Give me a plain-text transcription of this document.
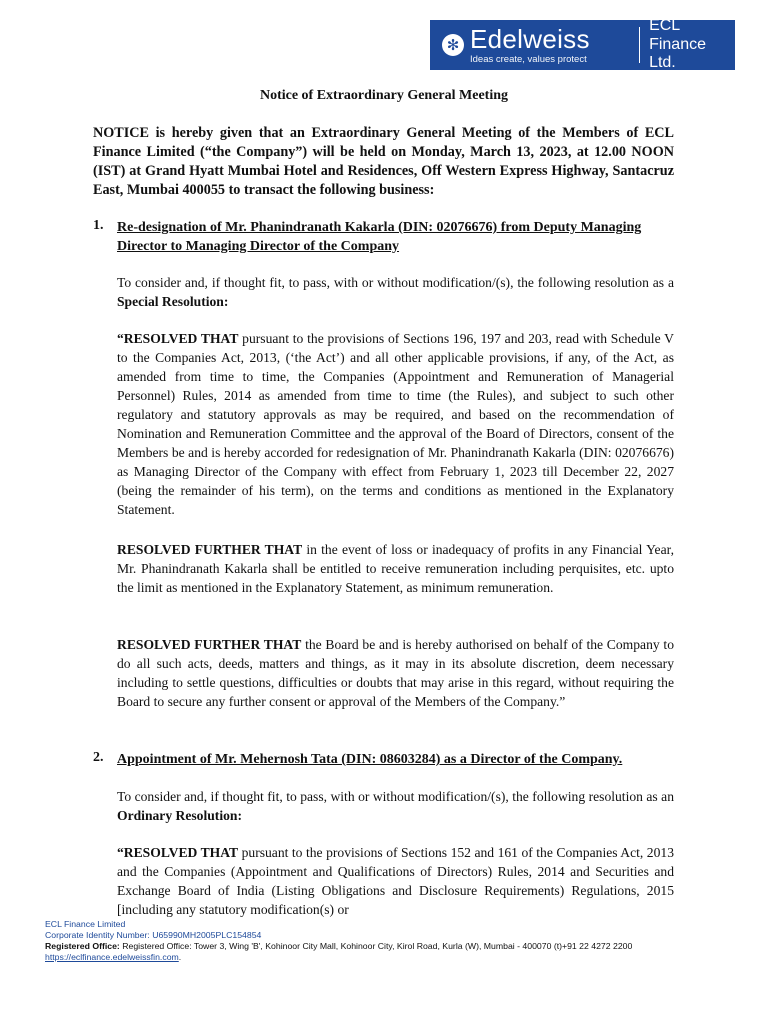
✻ Edelweiss
Ideas create, values protect
ECL
Finance Ltd.
Notice of Extraordinary General Meeting
NOTICE is hereby given that an Extraordinary General Meeting of the Members of ECL Finance Limited (“the Company”) will be held on Monday, March 13, 2023, at 12.00 NOON (IST) at Grand Hyatt Mumbai Hotel and Residences, Off Western Express Highway, Santacruz East, Mumbai 400055 to transact the following business:
1. Re-designation of Mr. Phanindranath Kakarla (DIN: 02076676) from Deputy Managing Director to Managing Director of the Company
To consider and, if thought fit, to pass, with or without modification/(s), the following resolution as a Special Resolution:
“RESOLVED THAT pursuant to the provisions of Sections 196, 197 and 203, read with Schedule V to the Companies Act, 2013, (‘the Act’) and all other applicable provisions, if any, of the Act, as amended from time to time, the Companies (Appointment and Remuneration of Managerial Personnel) Rules, 2014 as amended from time to time (the Rules), and subject to such other regulatory and statutory approvals as may be required, and based on the recommendation of Nomination and Remuneration Committee and the approval of the Board of Directors, consent of the Members be and is hereby accorded for redesignation of Mr. Phanindranath Kakarla (DIN: 02076676) as Managing Director of the Company with effect from February 1, 2023 till December 22, 2027 (being the remainder of his term), on the terms and conditions as mentioned in the Explanatory Statement.
RESOLVED FURTHER THAT in the event of loss or inadequacy of profits in any Financial Year, Mr. Phanindranath Kakarla shall be entitled to receive remuneration including perquisites, etc. upto the limit as mentioned in the Explanatory Statement, as minimum remuneration.
RESOLVED FURTHER THAT the Board be and is hereby authorised on behalf of the Company to do all such acts, deeds, matters and things, as it may in its absolute discretion, deem necessary including to settle questions, difficulties or doubts that may arise in this regard, without requiring the Board to secure any further consent or approval of the Members of the Company.”
2. Appointment of Mr. Mehernosh Tata (DIN: 08603284) as a Director of the Company.
To consider and, if thought fit, to pass, with or without modification/(s), the following resolution as an Ordinary Resolution:
“RESOLVED THAT pursuant to the provisions of Sections 152 and 161 of the Companies Act, 2013 and the Companies (Appointment and Qualifications of Directors) Rules, 2014 and Securities and Exchange Board of India (Listing Obligations and Disclosure Requirements) Regulations, 2015 [including any statutory modification(s) or
ECL Finance Limited
Corporate Identity Number: U65990MH2005PLC154854
Registered Office: Registered Office: Tower 3, Wing 'B', Kohinoor City Mall, Kohinoor City, Kirol Road, Kurla (W), Mumbai - 400070 (t)+91 22 4272 2200 https://eclfinance.edelweissfin.com.
